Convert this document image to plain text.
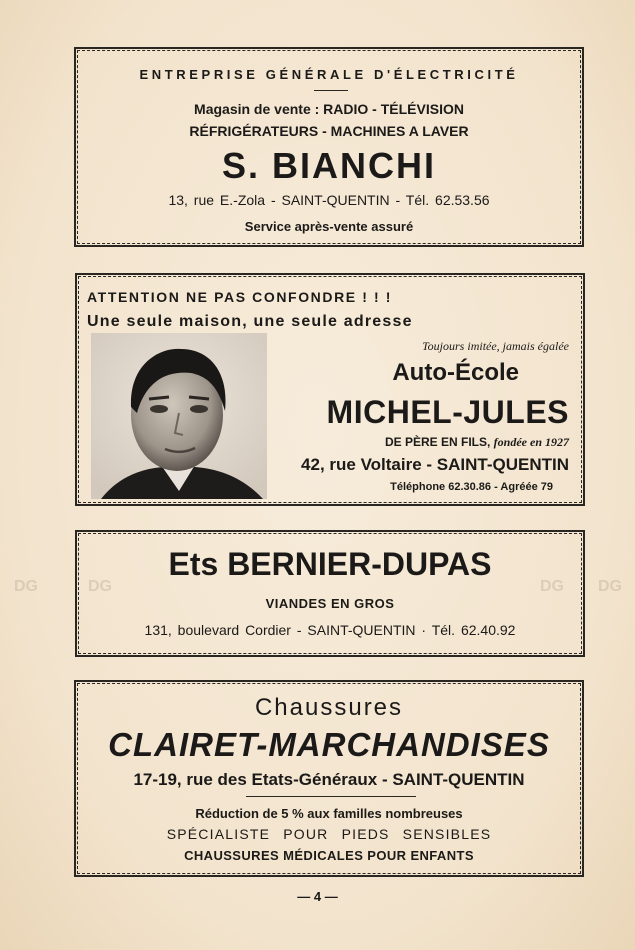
ENTREPRISE GÉNÉRALE D'ÉLECTRICITÉ
Magasin de vente : RADIO - TÉLÉVISION
RÉFRIGÉRATEURS - MACHINES A LAVER
S. BIANCHI
13, rue E.-Zola - SAINT-QUENTIN - Tél. 62.53.56
Service après-vente assuré
ATTENTION NE PAS CONFONDRE ! ! !
Une seule maison, une seule adresse
Toujours imitée, jamais égalée
Auto-École
MICHEL-JULES
DE PÈRE EN FILS, fondée en 1927
42, rue Voltaire - SAINT-QUENTIN
Téléphone 62.30.86 - Agréée 79
DG	DG	DG DG
Ets BERNIER-DUPAS
VIANDES EN GROS
131, boulevard Cordier - SAINT-QUENTIN · Tél. 62.40.92
Chaussures
CLAIRET-MARCHANDISES
17-19, rue des Etats-Généraux - SAINT-QUENTIN
Réduction de 5 % aux familles nombreuses
SPÉCIALISTE POUR PIEDS SENSIBLES
CHAUSSURES MÉDICALES POUR ENFANTS
— 4 —
